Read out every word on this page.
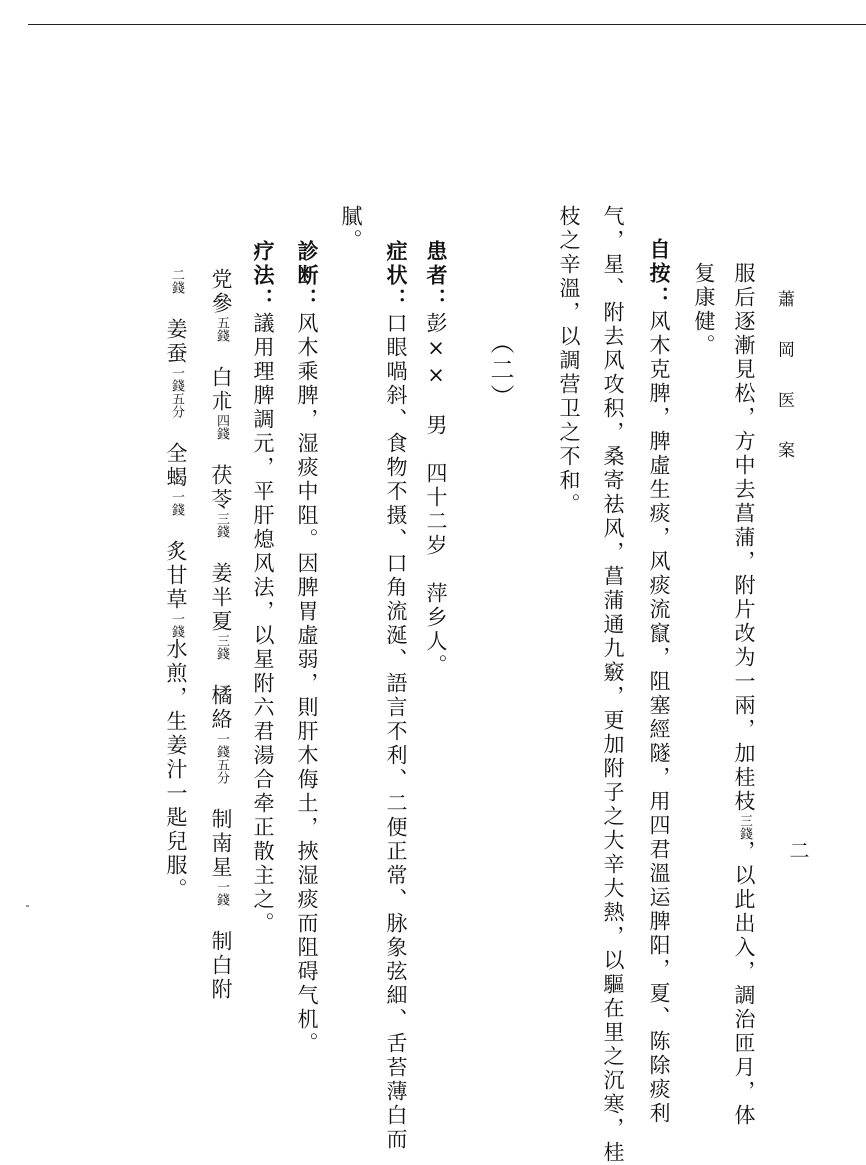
蕭 岡 医 案
二
服后逐漸見松，方中去菖蒲，附片改为一兩，加桂枝三錢，以此出入，調治匝月，体
复康健。
自按：风木克脾，脾虛生痰，风痰流竄，阻塞經隧，用四君溫运脾阳，夏、陈除痰利
气，星、附去风攻积，桑寄祛风，菖蒲通九竅，更加附子之大辛大熱，以驅在里之沉寒，桂
枝之辛溫，以調营卫之不和。
（二）
患者：彭××　男　四十二岁　萍乡人。
症状：口眼喎斜、食物不摄、口角流涎、語言不利、二便正常、脉象弦細、舌苔薄白而
膩。
診断：风木乘脾，湿痰中阻。因脾胃虛弱，則肝木侮土，挾湿痰而阻碍气机。
疗法：議用理脾調元，平肝熄风法，以星附六君湯合牵正散主之。
党參五錢　白朮四錢　茯苓三錢　姜半夏三錢　橘絡一錢五分　制南星一錢　制白附
二錢　姜蚕一錢五分　全蝎一錢　炙甘草一錢水煎，生姜汁一匙兒服。
